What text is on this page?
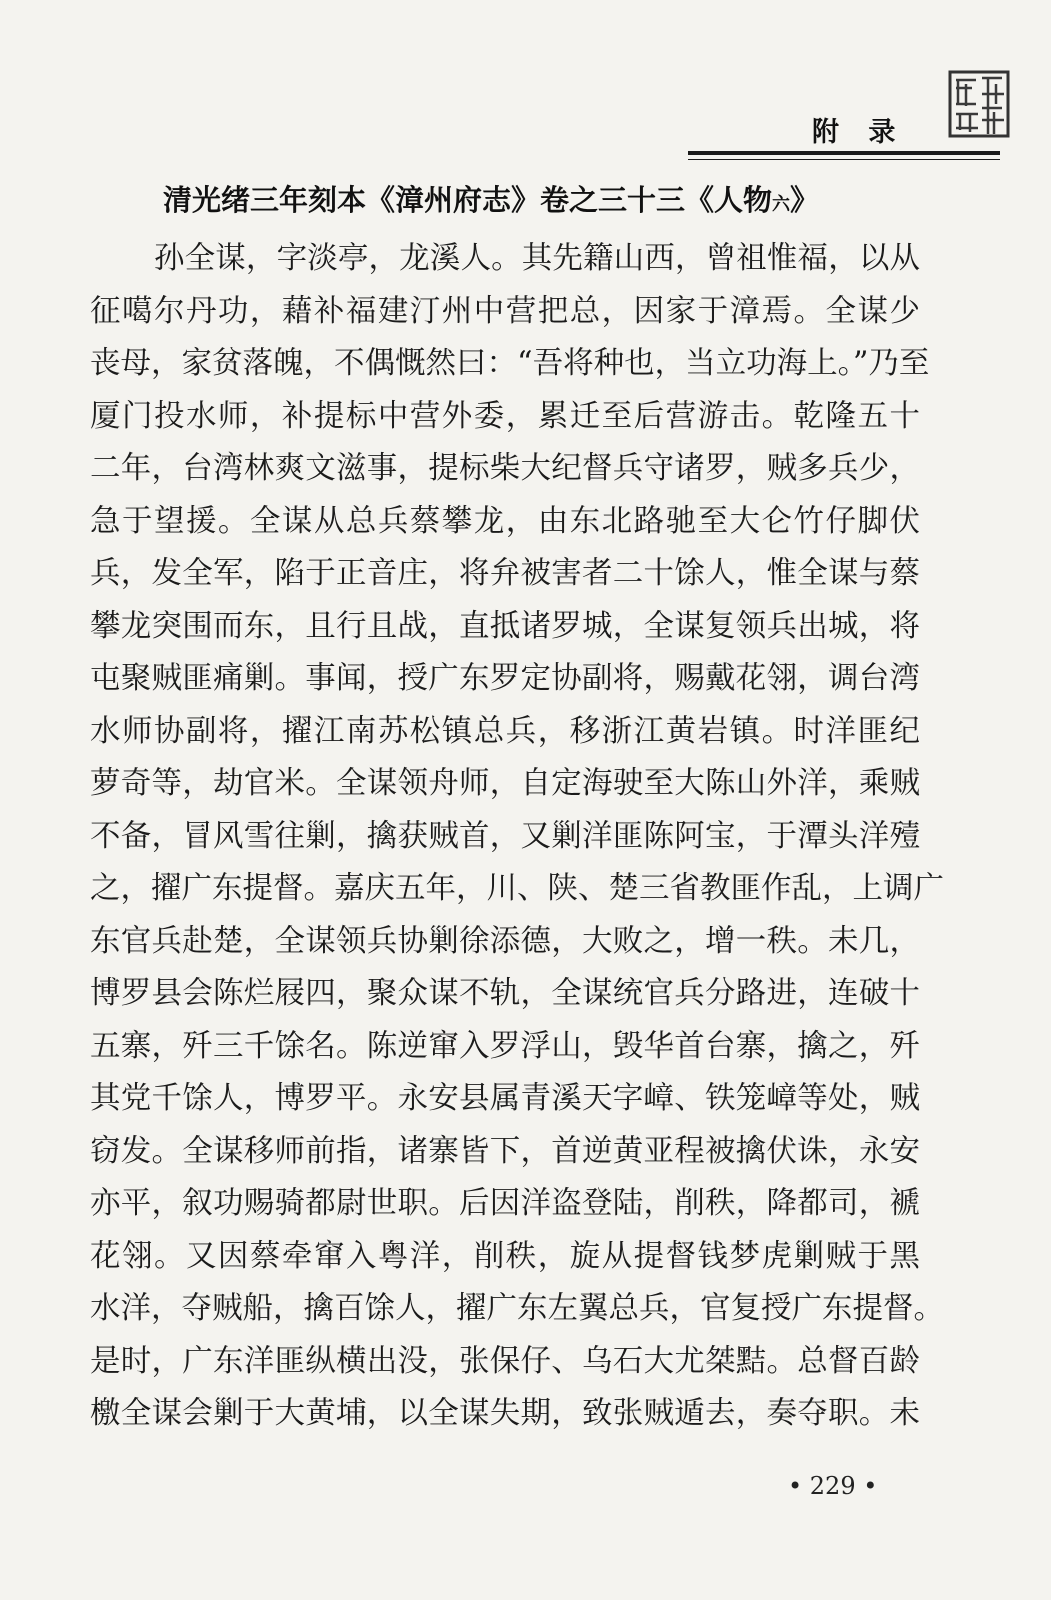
附 录
清光绪三年刻本《漳州府志》卷之三十三《人物六》
孙全谋，字淡亭，龙溪人。其先籍山西，曾祖惟福，以从
征噶尔丹功，藉补福建汀州中营把总，因家于漳焉。全谋少
丧母，家贫落魄，不偶慨然曰：“吾将种也，当立功海上。”乃至
厦门投水师，补提标中营外委，累迁至后营游击。乾隆五十
二年，台湾林爽文滋事，提标柴大纪督兵守诸罗，贼多兵少，
急于望援。全谋从总兵蔡攀龙，由东北路驰至大仑竹仔脚伏
兵，发全军，陷于正音庄，将弁被害者二十馀人，惟全谋与蔡
攀龙突围而东，且行且战，直抵诸罗城，全谋复领兵出城，将
屯聚贼匪痛剿。事闻，授广东罗定协副将，赐戴花翎，调台湾
水师协副将，擢江南苏松镇总兵，移浙江黄岩镇。时洋匪纪
萝奇等，劫官米。全谋领舟师，自定海驶至大陈山外洋，乘贼
不备，冒风雪往剿，擒获贼首，又剿洋匪陈阿宝，于潭头洋殪
之，擢广东提督。嘉庆五年，川、陕、楚三省教匪作乱，上调广
东官兵赴楚，全谋领兵协剿徐添德，大败之，增一秩。未几，
博罗县会陈烂屐四，聚众谋不轨，全谋统官兵分路进，连破十
五寨，歼三千馀名。陈逆窜入罗浮山，毁华首台寨，擒之，歼
其党千馀人，博罗平。永安县属青溪天字嶂、铁笼嶂等处，贼
窃发。全谋移师前指，诸寨皆下，首逆黄亚程被擒伏诛，永安
亦平，叙功赐骑都尉世职。后因洋盗登陆，削秩，降都司，褫
花翎。又因蔡牵窜入粤洋，削秩，旋从提督钱梦虎剿贼于黑
水洋，夺贼船，擒百馀人，擢广东左翼总兵，官复授广东提督。
是时，广东洋匪纵横出没，张保仔、乌石大尤桀黠。总督百龄
檄全谋会剿于大黄埔，以全谋失期，致张贼遁去，奏夺职。未
• 229 •
